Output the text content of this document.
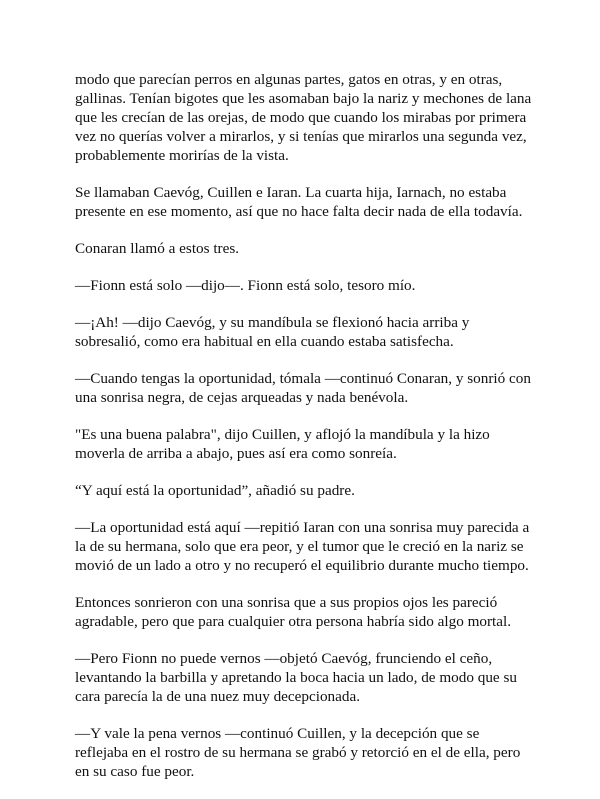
modo que parecían perros en algunas partes, gatos en otras, y en otras, gallinas. Tenían bigotes que les asomaban bajo la nariz y mechones de lana que les crecían de las orejas, de modo que cuando los mirabas por primera vez no querías volver a mirarlos, y si tenías que mirarlos una segunda vez, probablemente morirías de la vista.

Se llamaban Caevóg, Cuillen e Iaran. La cuarta hija, Iarnach, no estaba presente en ese momento, así que no hace falta decir nada de ella todavía.

Conaran llamó a estos tres.

—Fionn está solo —dijo—. Fionn está solo, tesoro mío.

—¡Ah! —dijo Caevóg, y su mandíbula se flexionó hacia arriba y sobresalió, como era habitual en ella cuando estaba satisfecha.

—Cuando tengas la oportunidad, tómala —continuó Conaran, y sonrió con una sonrisa negra, de cejas arqueadas y nada benévola.

"Es una buena palabra", dijo Cuillen, y aflojó la mandíbula y la hizo moverla de arriba a abajo, pues así era como sonreía.

“Y aquí está la oportunidad”, añadió su padre.

—La oportunidad está aquí —repitió Iaran con una sonrisa muy parecida a la de su hermana, solo que era peor, y el tumor que le creció en la nariz se movió de un lado a otro y no recuperó el equilibrio durante mucho tiempo.

Entonces sonrieron con una sonrisa que a sus propios ojos les pareció agradable, pero que para cualquier otra persona habría sido algo mortal.

—Pero Fionn no puede vernos —objetó Caevóg, frunciendo el ceño, levantando la barbilla y apretando la boca hacia un lado, de modo que su cara parecía la de una nuez muy decepcionada.

—Y vale la pena vernos —continuó Cuillen, y la decepción que se reflejaba en el rostro de su hermana se grabó y retorció en el de ella, pero en su caso fue peor.
